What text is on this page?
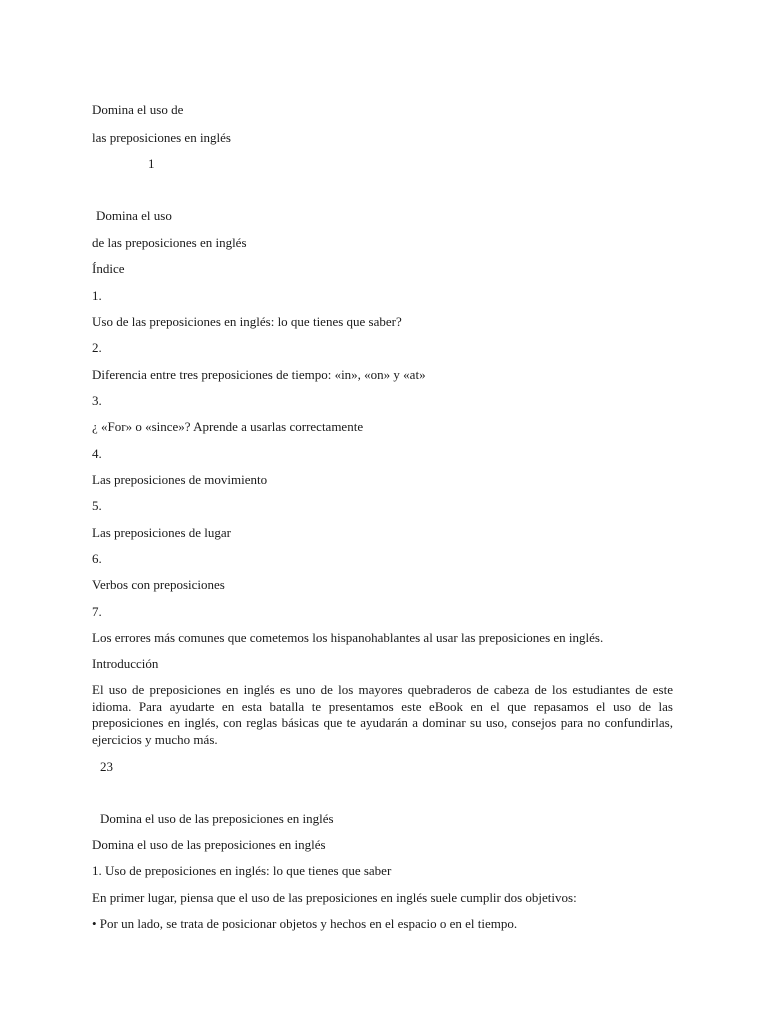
Domina el uso de
las preposiciones en inglés
1
Domina el uso
de las preposiciones en inglés
Índice
1.
Uso de las preposiciones en inglés: lo que tienes que saber?
2.
Diferencia entre tres preposiciones de tiempo: «in», «on» y «at»
3.
¿ «For» o «since»? Aprende a usarlas correctamente
4.
Las preposiciones de movimiento
5.
Las preposiciones de lugar
6.
Verbos con preposiciones
7.
Los errores más comunes que cometemos los hispanohablantes al usar las preposiciones en inglés.
Introducción
El uso de preposiciones en inglés es uno de los mayores quebraderos de cabeza de los estudiantes de este idioma. Para ayudarte en esta batalla te presentamos este eBook en el que repasamos el uso de las preposiciones en inglés, con reglas básicas que te ayudarán a dominar su uso, consejos para no confundirlas, ejercicios y mucho más.
23
Domina el uso de las preposiciones en inglés
Domina el uso de las preposiciones en inglés
1. Uso de preposiciones en inglés: lo que tienes que saber
En primer lugar, piensa que el uso de las preposiciones en inglés suele cumplir dos objetivos:
• Por un lado, se trata de posicionar objetos y hechos en el espacio o en el tiempo.
